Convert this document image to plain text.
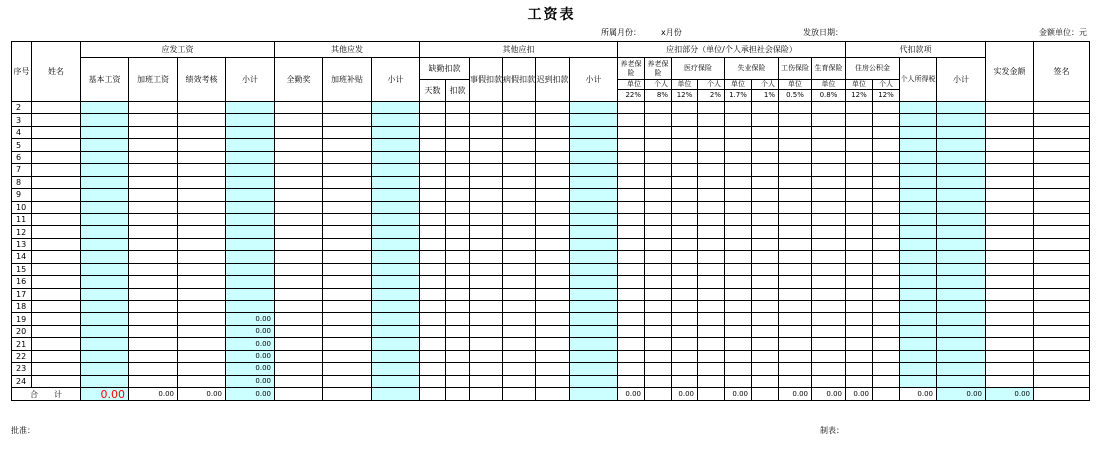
工资表
所属月份：	x月份	发放日期：	金额单位：元
序号	姓名	应发工资				其他应发			其他应扣						应扣部分（单位/个人承担社会保险）								代扣款项				实发金额	签名
		基本工资	加班工资	绩效考核	小计	全勤奖	加班补贴	小计	缺勤扣款		事假扣款	病假扣款	迟到扣款	小计	养老保险	养老保险	医疗保险		失业保险		工伤保险	生育保险	住房公积金		个人所得税	小计		
									天数	扣款					单位	个人	单位	个人	单位	个人	单位	单位	单位	个人				
															22%	8%	12%	2%	1.7%	1%	0.5%	0.8%	12%	12%				
2																												
3																												
4																												
5																												
6																												
7																												
8																												
9																												
10																												
11																												
12																												
13																												
14																												
15																												
16																												
17																												
18																												
19					0.00																							
20					0.00																							
21					0.00																							
22					0.00																							
23					0.00																							
24					0.00																							
合　　计		0.00	0.00	0.00	0.00										0.00		0.00		0.00		0.00	0.00	0.00		0.00	0.00	0.00	
批准：	制表：
